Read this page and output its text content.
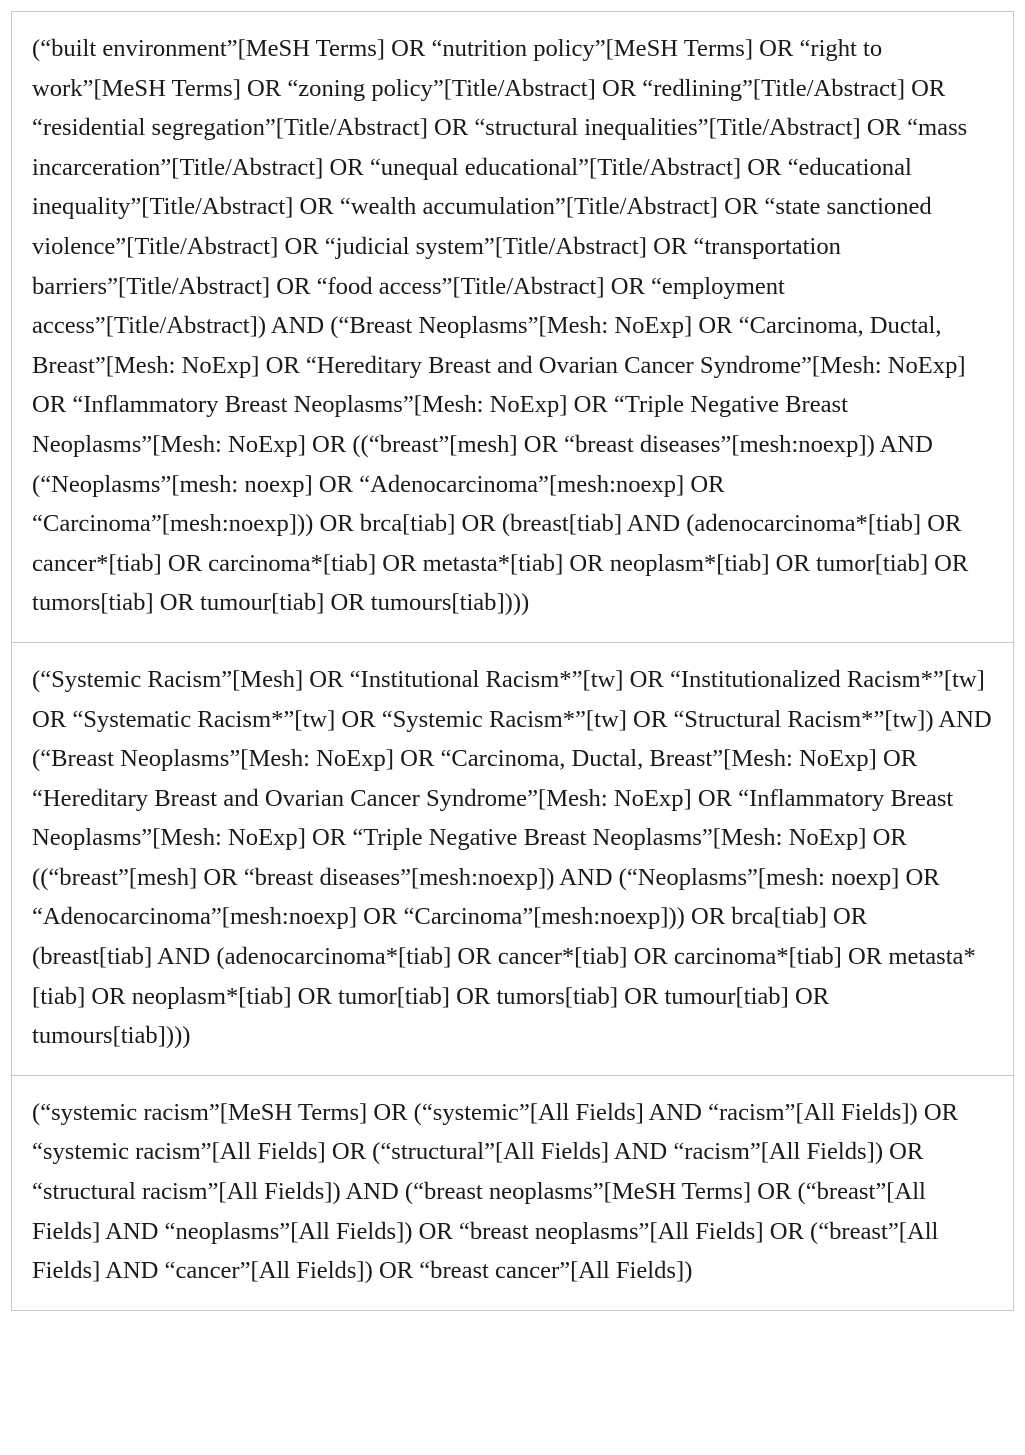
(“built environment”[MeSH Terms] OR “nutrition policy”[MeSH Terms] OR “right to work”[MeSH Terms] OR “zoning policy”[Title/Abstract] OR “redlining”[Title/Abstract] OR “residential segregation”[Title/Abstract] OR “structural inequalities”[Title/Abstract] OR “mass incarceration”[Title/Abstract] OR “unequal educational”[Title/Abstract] OR “educational inequality”[Title/Abstract] OR “wealth accumulation”[Title/Abstract] OR “state sanctioned violence”[Title/Abstract] OR “judicial system”[Title/Abstract] OR “transportation barriers”[Title/Abstract] OR “food access”[Title/Abstract] OR “employment access”[Title/Abstract]) AND (“Breast Neoplasms”[Mesh: NoExp] OR “Carcinoma, Ductal, Breast”[Mesh: NoExp] OR “Hereditary Breast and Ovarian Cancer Syndrome”[Mesh: NoExp] OR “Inflammatory Breast Neoplasms”[Mesh: NoExp] OR “Triple Negative Breast Neoplasms”[Mesh: NoExp] OR ((“breast”[mesh] OR “breast diseases”[mesh:noexp]) AND (“Neoplasms”[mesh: noexp] OR “Adenocarcinoma”[mesh:noexp] OR “Carcinoma”[mesh:noexp])) OR brca[tiab] OR (breast[tiab] AND (adenocarcinoma*[tiab] OR cancer*[tiab] OR carcinoma*[tiab] OR metasta*[tiab] OR neoplasm*[tiab] OR tumor[tiab] OR tumors[tiab] OR tumour[tiab] OR tumours[tiab])))

(“Systemic Racism”[Mesh] OR “Institutional Racism*”[tw] OR “Institutionalized Racism*”[tw] OR “Systematic Racism*”[tw] OR “Systemic Racism*”[tw] OR “Structural Racism*”[tw]) AND (“Breast Neoplasms”[Mesh: NoExp] OR “Carcinoma, Ductal, Breast”[Mesh: NoExp] OR “Hereditary Breast and Ovarian Cancer Syndrome”[Mesh: NoExp] OR “Inflammatory Breast Neoplasms”[Mesh: NoExp] OR “Triple Negative Breast Neoplasms”[Mesh: NoExp] OR ((“breast”[mesh] OR “breast diseases”[mesh:noexp]) AND (“Neoplasms”[mesh: noexp] OR “Adenocarcinoma”[mesh:noexp] OR “Carcinoma”[mesh:noexp])) OR brca[tiab] OR (breast[tiab] AND (adenocarcinoma*[tiab] OR cancer*[tiab] OR carcinoma*[tiab] OR metasta*[tiab] OR neoplasm*[tiab] OR tumor[tiab] OR tumors[tiab] OR tumour[tiab] OR tumours[tiab])))

(“systemic racism”[MeSH Terms] OR (“systemic”[All Fields] AND “racism”[All Fields]) OR “systemic racism”[All Fields] OR (“structural”[All Fields] AND “racism”[All Fields]) OR “structural racism”[All Fields]) AND (“breast neoplasms”[MeSH Terms] OR (“breast”[All Fields] AND “neoplasms”[All Fields]) OR “breast neoplasms”[All Fields] OR (“breast”[All Fields] AND “cancer”[All Fields]) OR “breast cancer”[All Fields])
